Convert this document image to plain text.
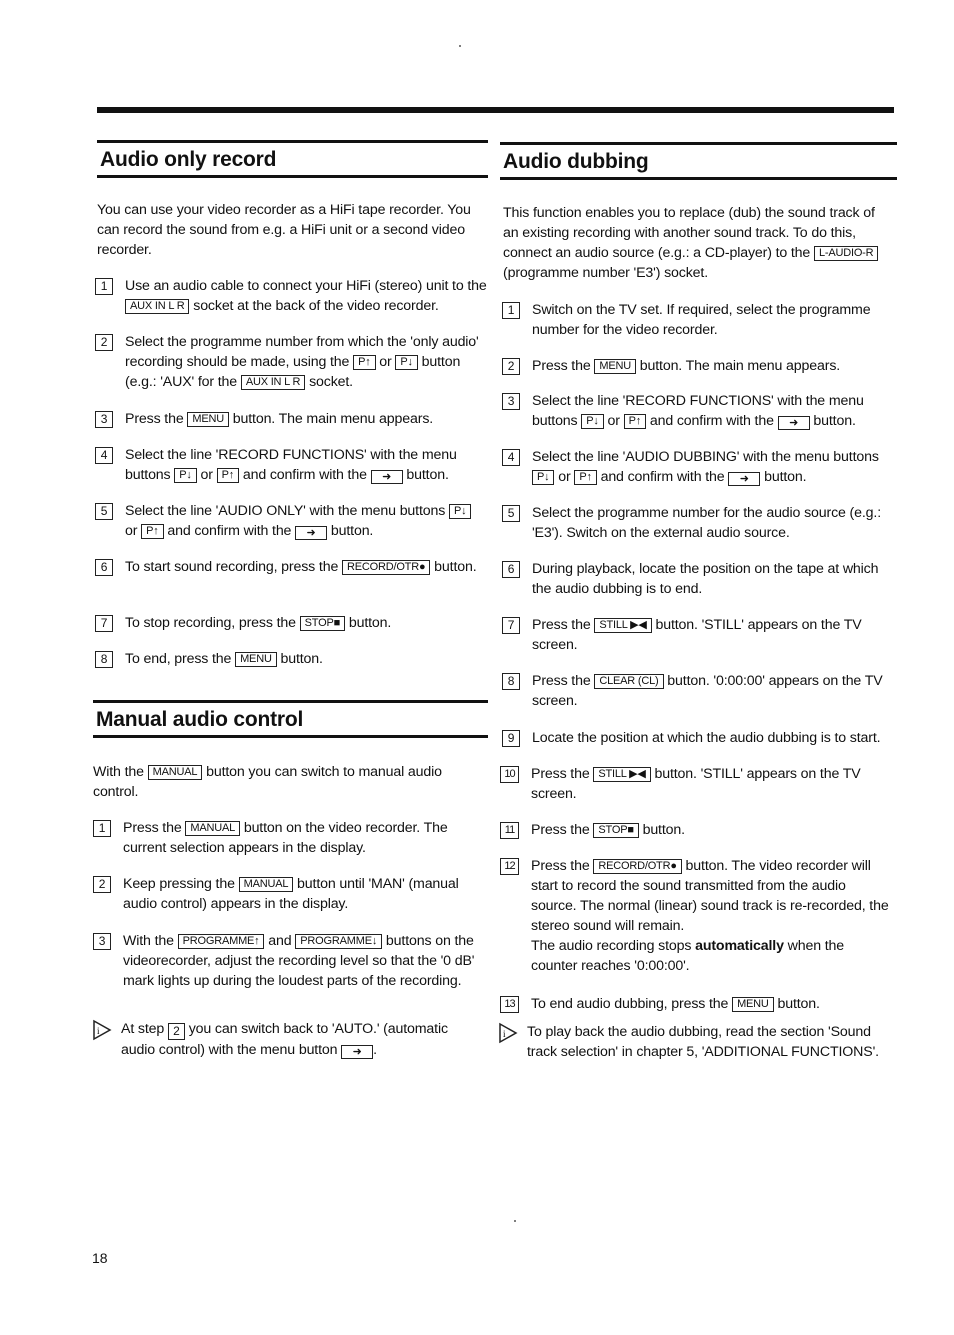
Audio only record
You can use your video recorder as a HiFi tape recorder. You can record the sound from e.g. a HiFi unit or a second video recorder.
1	Use an audio cable to connect your HiFi (stereo) unit to the AUX IN L R socket at the back of the video recorder.
2	Select the programme number from which the 'only audio' recording should be made, using the P↑ or P↓ button (e.g.: 'AUX' for the AUX IN L R socket.
3	Press the MENU button. The main menu appears.
4	Select the line 'RECORD FUNCTIONS' with the menu buttons P↓ or P↑ and confirm with the ➜ button.
5	Select the line 'AUDIO ONLY' with the menu buttons P↓ or P↑ and confirm with the ➜ button.
6	To start sound recording, press the RECORD/OTR● button.
7	To stop recording, press the STOP■ button.
8	To end, press the MENU button.
Manual audio control
With the MANUAL button you can switch to manual audio control.
1	Press the MANUAL button on the video recorder. The current selection appears in the display.
2	Keep pressing the MANUAL button until 'MAN' (manual audio control) appears in the display.
3	With the PROGRAMME↑ and PROGRAMME↓ buttons on the videorecorder, adjust the recording level so that the '0 dB' mark lights up during the loudest parts of the recording.
i At step 2 you can switch back to 'AUTO.' (automatic audio control) with the menu button ➜ .
Audio dubbing
This function enables you to replace (dub) the sound track of an existing recording with another sound track. To do this, connect an audio source (e.g.: a CD-player) to the L-AUDIO-R (programme number 'E3') socket.
1	Switch on the TV set. If required, select the programme number for the video recorder.
2	Press the MENU button. The main menu appears.
3	Select the line 'RECORD FUNCTIONS' with the menu buttons P↓ or P↑ and confirm with the ➜ button.
4	Select the line 'AUDIO DUBBING' with the menu buttons P↓ or P↑ and confirm with the ➜ button.
5	Select the programme number for the audio source (e.g.: 'E3'). Switch on the external audio source.
6	During playback, locate the position on the tape at which the audio dubbing is to end.
7	Press the STILL ▶◀ button. 'STILL' appears on the TV screen.
8	Press the CLEAR (CL) button. '0:00:00' appears on the TV screen.
9	Locate the position at which the audio dubbing is to start.
10	Press the STILL ▶◀ button. 'STILL' appears on the TV screen.
11	Press the STOP■ button.
12	Press the RECORD/OTR● button. The video recorder will start to record the sound transmitted from the audio source. The normal (linear) sound track is re-recorded, the stereo sound will remain.
The audio recording stops automatically when the counter reaches '0:00:00'.
13	To end audio dubbing, press the MENU button.
i To play back the audio dubbing, read the section 'Sound track selection' in chapter 5, 'ADDITIONAL FUNCTIONS'.
18
